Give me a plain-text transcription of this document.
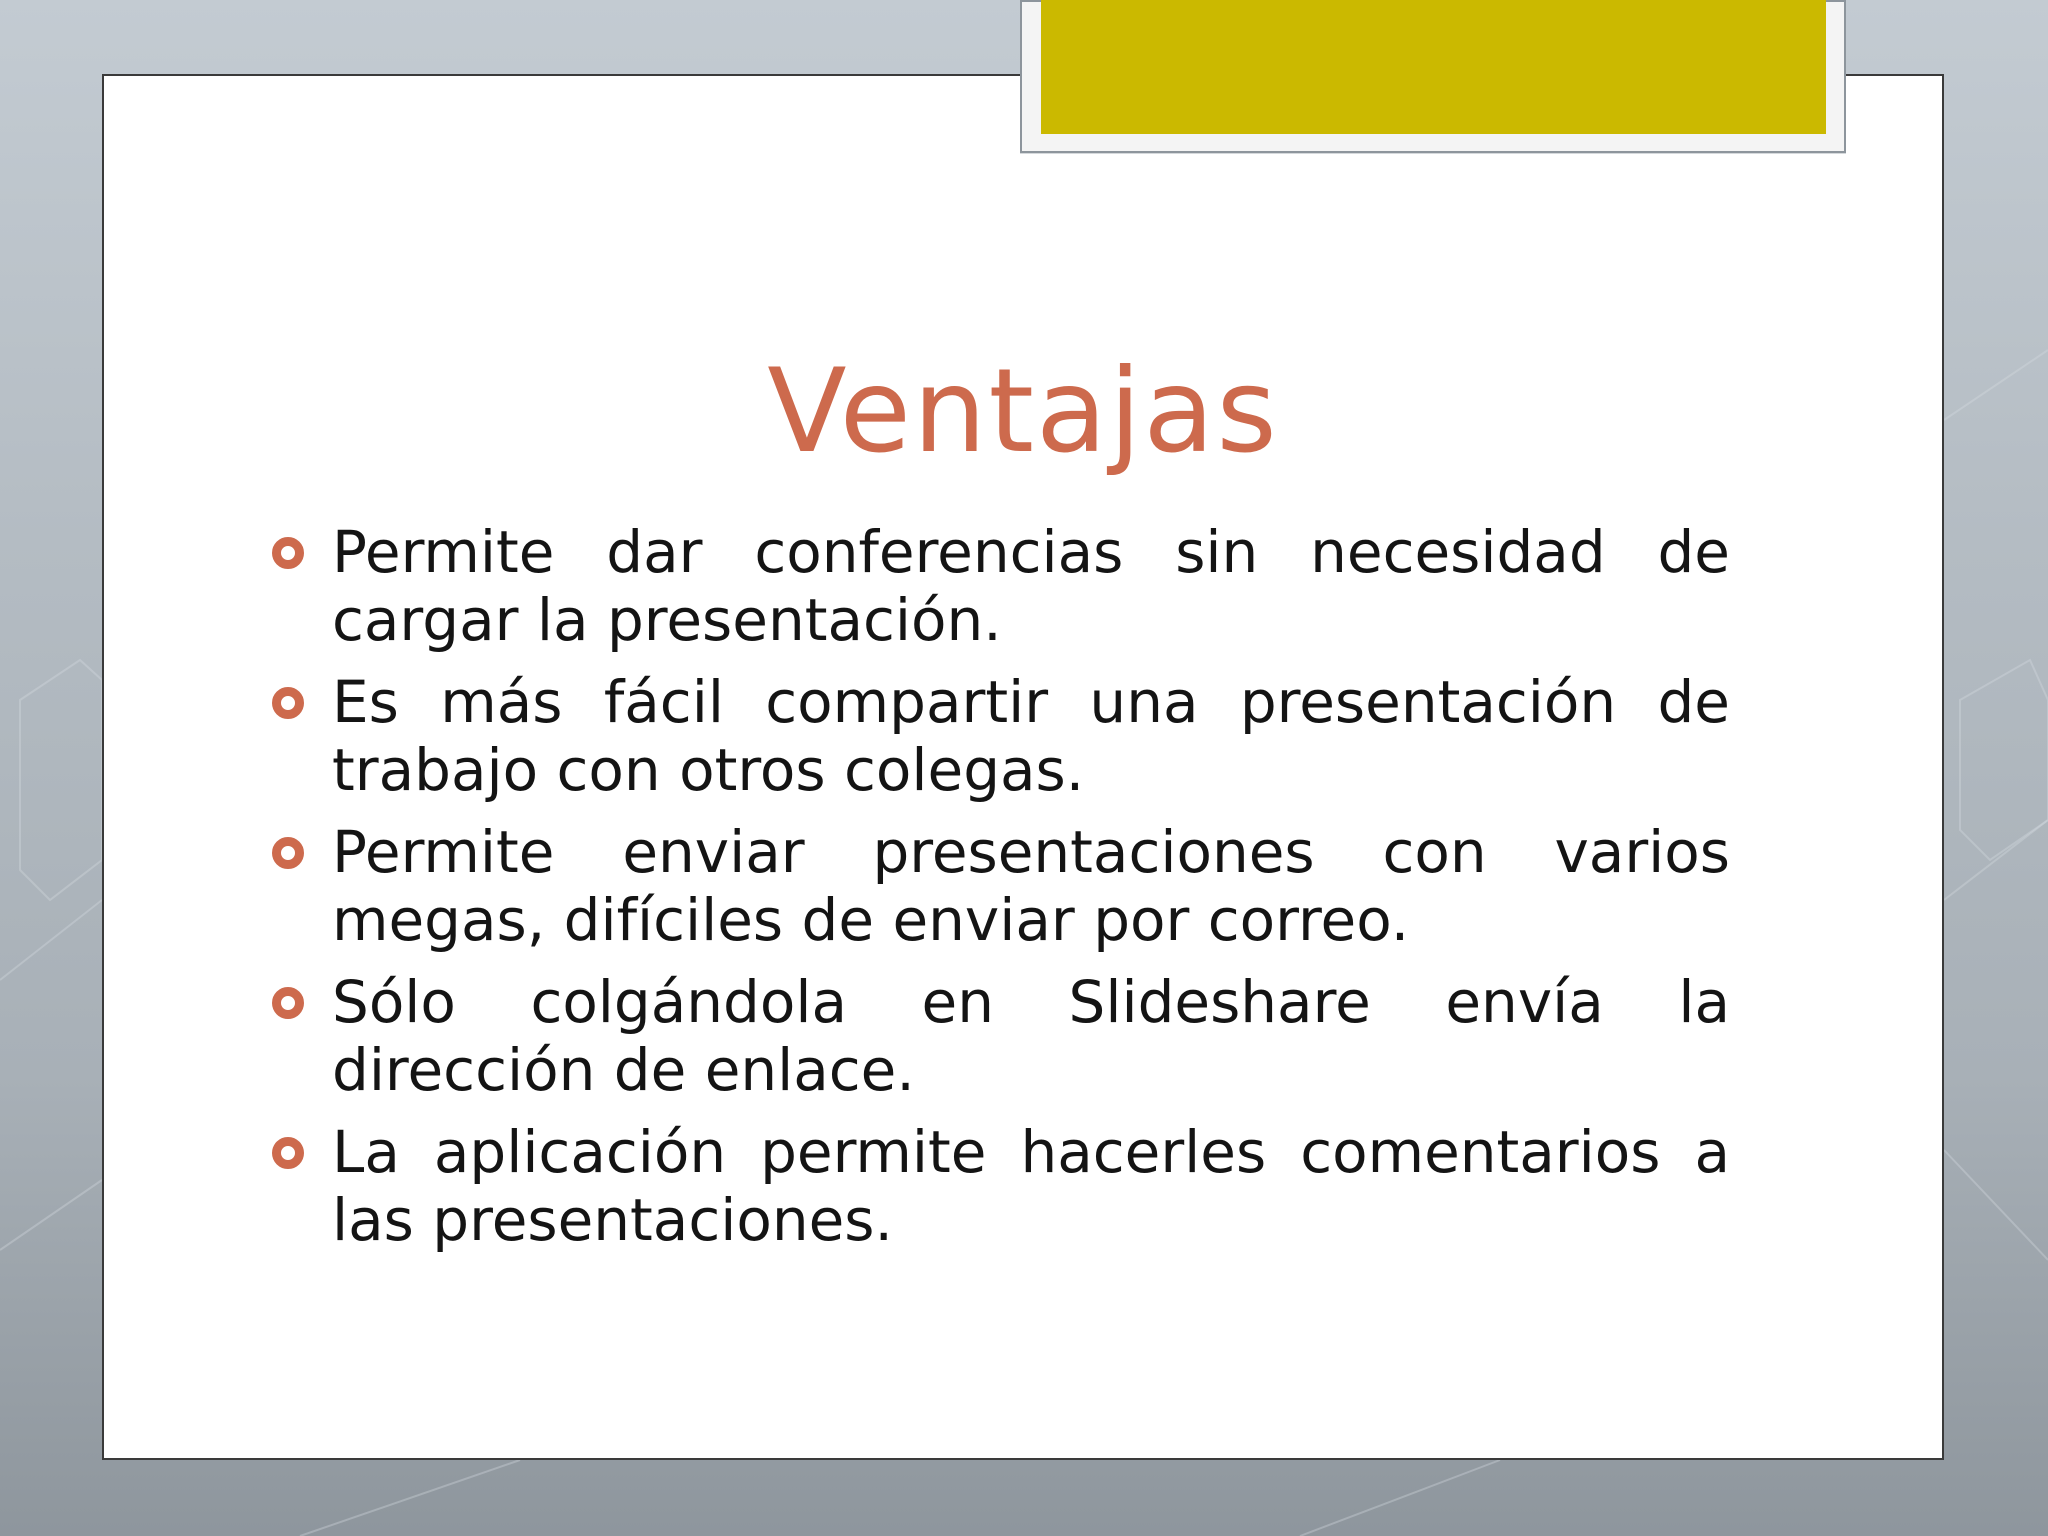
Ventajas
Permite dar conferencias sin necesidad de cargar la presentación.
Es más fácil compartir una presentación de trabajo con otros colegas.
Permite enviar presentaciones con varios megas, difíciles de enviar por correo.
Sólo colgándola en Slideshare envía la dirección de enlace.
La aplicación permite hacerles comentarios a las presentaciones.
